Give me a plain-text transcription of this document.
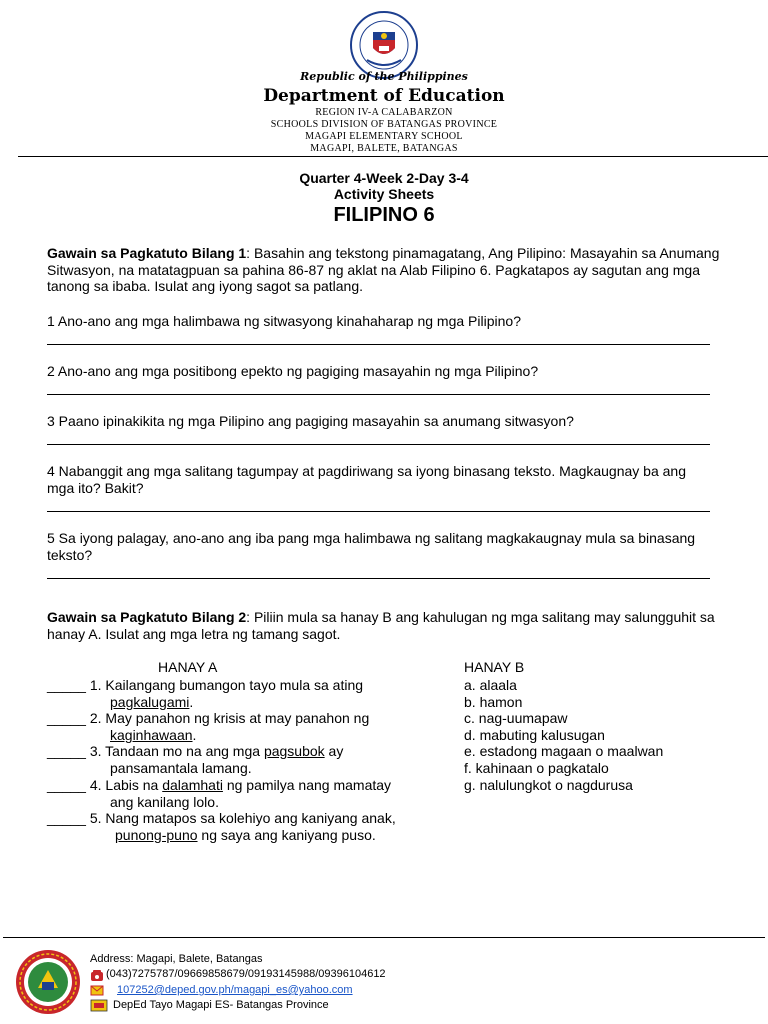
Republic of the Philippines
Department of Education
REGION IV-A CALABARZON
SCHOOLS DIVISION OF BATANGAS PROVINCE
MAGAPI ELEMENTARY SCHOOL
MAGAPI, BALETE, BATANGAS
Quarter 4-Week 2-Day 3-4
Activity Sheets
FILIPINO 6
Gawain sa Pagkatuto Bilang 1: Basahin ang tekstong pinamagatang, Ang Pilipino: Masayahin sa Anumang Sitwasyon, na matatagpuan sa pahina 86-87 ng aklat na Alab Filipino 6. Pagkatapos ay sagutan ang mga tanong sa ibaba. Isulat ang iyong sagot sa patlang.
1 Ano-ano ang mga halimbawa ng sitwasyong kinahaharap ng mga Pilipino?
2 Ano-ano ang mga positibong epekto ng pagiging masayahin ng mga Pilipino?
3 Paano ipinakikita ng mga Pilipino ang pagiging masayahin sa anumang sitwasyon?
4 Nabanggit ang mga salitang tagumpay at pagdiriwang sa iyong binasang teksto. Magkaugnay ba ang mga ito? Bakit?
5 Sa iyong palagay, ano-ano ang iba pang mga halimbawa ng salitang magkakaugnay mula sa binasang teksto?
Gawain sa Pagkatuto Bilang 2: Piliin mula sa hanay B ang kahulugan ng mga salitang may salungguhit sa hanay A. Isulat ang mga letra ng tamang sagot.
HANAY A	HANAY B
_____ 1. Kailangang bumangon tayo mula sa ating
pagkalugami.
_____ 2. May panahon ng krisis at may panahon ng
kaginhawaan.
_____ 3. Tandaan mo na ang mga pagsubok ay
pansamantala lamang.
_____ 4. Labis na dalamhati ng pamilya nang mamatay
ang kanilang lolo.
_____ 5. Nang matapos sa kolehiyo ang kaniyang anak,
punong-puno ng saya ang kaniyang puso.
a. alaala
b. hamon
c. nag-uumapaw
d. mabuting kalusugan
e. estadong magaan o maalwan
f. kahinaan o pagkatalo
g. nalulungkot o nagdurusa
Address: Magapi, Balete, Batangas
(043)7275787/09669858679/09193145988/09396104612
107252@deped.gov.ph/magapi_es@yahoo.com
DepEd Tayo Magapi ES- Batangas Province
